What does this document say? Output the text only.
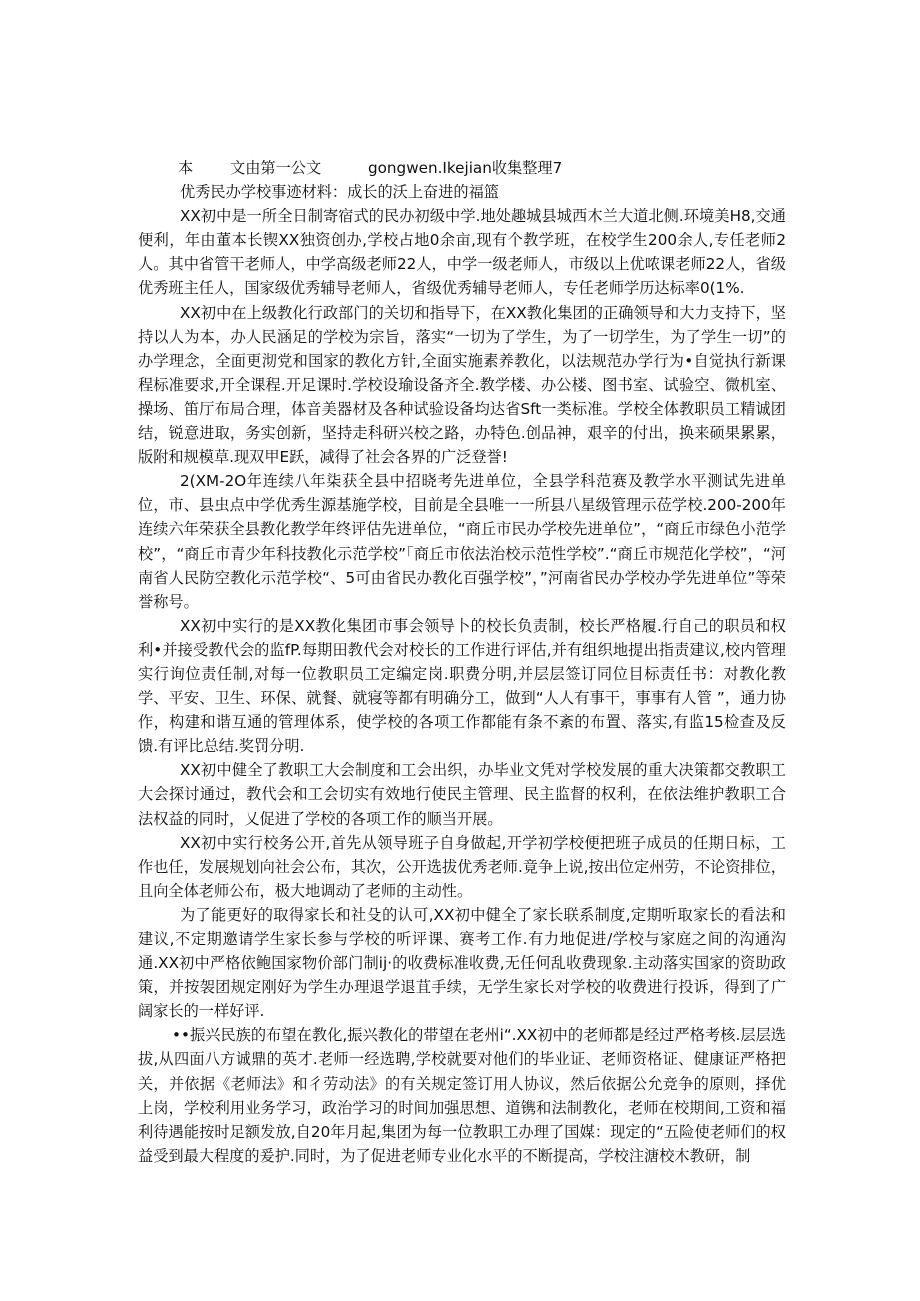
本 文由第一公文	gongwen.Ikejian收集整理7

优秀民办学校事迹材料：成长的沃上奋进的福篮

XX初中是一所全日制寄宿式的民办初级中学.地处趣城县城西木兰大道北侧.环境美H8,交通便利，年由董本长锲XX独资创办,学校占地0余亩,现有个教学班，在校学生200余人,专任老师2人。其中省管干老师人，中学高级老师22人，中学一级老师人，市级以上优哝课老师22人，省级优秀班主任人，国家级优秀辅导老师人，省级优秀辅导老师人，专任老师学历达标率0(1%.

XX初中在上级教化行政部门的关切和指导下，在XX教化集团的正确领导和大力支持下，坚持以人为本，办人民涵足的学校为宗旨，落实“一切为了学生，为了一切学生，为了学生一切”的办学理念，全面更沏党和国家的教化方针,全面实施素养教化，以法规范办学行为•自觉执行新课程标准要求,开全课程.开足课时.学校设瑜设备齐全.教学楼、办公楼、图书室、试验空、微机室、操场、笛厅布局合理，体音美器材及各种试验设备均达省Sft一类标准。学校全体教职员工精诚团结，锐意进取，务实创新，坚持走科研兴校之路，办特色.创品神，艰辛的付出，换来硕果累累，版附和规模草.现双甲E跃，减得了社会各界的广泛登誉!

2(XM-2O年连续八年柒获全县中招晓考先进单位，全县学科范赛及教学水平测试先进单位，市、县虫点中学优秀生源基施学校，目前是全县唯一一所县八星级管理示莅学校.200-200年连续六年荣获全县教化教学年终评估先进单位，“商丘市民办学校先进单位”，“商丘市绿色小范学校”，“商丘市青少年科技教化示范学校”「商丘市依法治校示范性学校”.“商丘市规范化学校”，“河南省人民防空教化示范学校“、5可由省民办教化百强学校”，”河南省民办学校办学先进单位”等荣誉称号。

XX初中实行的是XX教化集团市事会领导卜的校长负责制，校长严格履.行自己的职员和权利•并接受教代会的监fP.每期田教代会对校长的工作进行评估,并有组织地提出指责建议,校内管理实行询位责任制,对每一位教职员工定编定岗.职费分明,并层层签订同位目标责任书：对教化教学、平安、卫生、环保、就餐、就寝等都有明确分工，做到“人人有事干，事事有人管 ”，通力协作，构建和谐互通的管理体系，使学校的各项工作都能有条不紊的布置、落实,有监15检查及反馈.有评比总结.奖罚分明.

XX初中健全了教职工大会制度和工会出织，办毕业文凭对学校发展的重大决策都交教职工大会探讨通过，教代会和工会切实有效地行使民主管理、民主监督的权利，在依法维护教职工合法权益的同时，乂促进了学校的各项工作的顺当开展。

XX初中实行校务公开,首先从领导班子自身做起,开学初学校便把班子成员的任期日标，工作也任，发展规划向社会公布，其次，公开选拔优秀老师.竟争上说,按出位定州劳，不论资排位，且向全体老师公布，极大地调动了老师的主动性。

为了能更好的取得家长和社殳的认可,XX初中健全了家长联系制度,定期听取家长的看法和建议,不定期邀请学生家长参与学校的听评课、赛考工作.有力地促进/学校与家庭之间的沟通沟通.XX初中严格依鲍国家物价部门制ij·的收费标准收费,无任何乱收费现象.主动落实国家的资助政策，并按袈团规定刚好为学生办理退学退苴手续，无学生家长对学校的收费进行投诉，得到了广阔家长的一样好评.

••振兴民族的布望在教化,振兴教化的带望在老州i“.XX初中的老师都是经过严格考核.层层选拔,从四面八方诚鼎的英才.老师一经选聘,学校就要对他们的毕业证、老师资格证、健康证严格把关，并依据《老师法》和彳劳动法》的有关规定签订用人协议，然后依据公允竞争的原则，择优上岗，学校利用业务学习，政治学习的时间加强思想、道镌和法制教化，老师在校期间,工资和福利待遇能按时足额发放,自20年月起,集团为每一位教职工办理了国媒：现定的“五险使老师们的权益受到最大程度的爰护.同时，为了促进老师专业化水平的不断提高，学校注溏校木教研，制
